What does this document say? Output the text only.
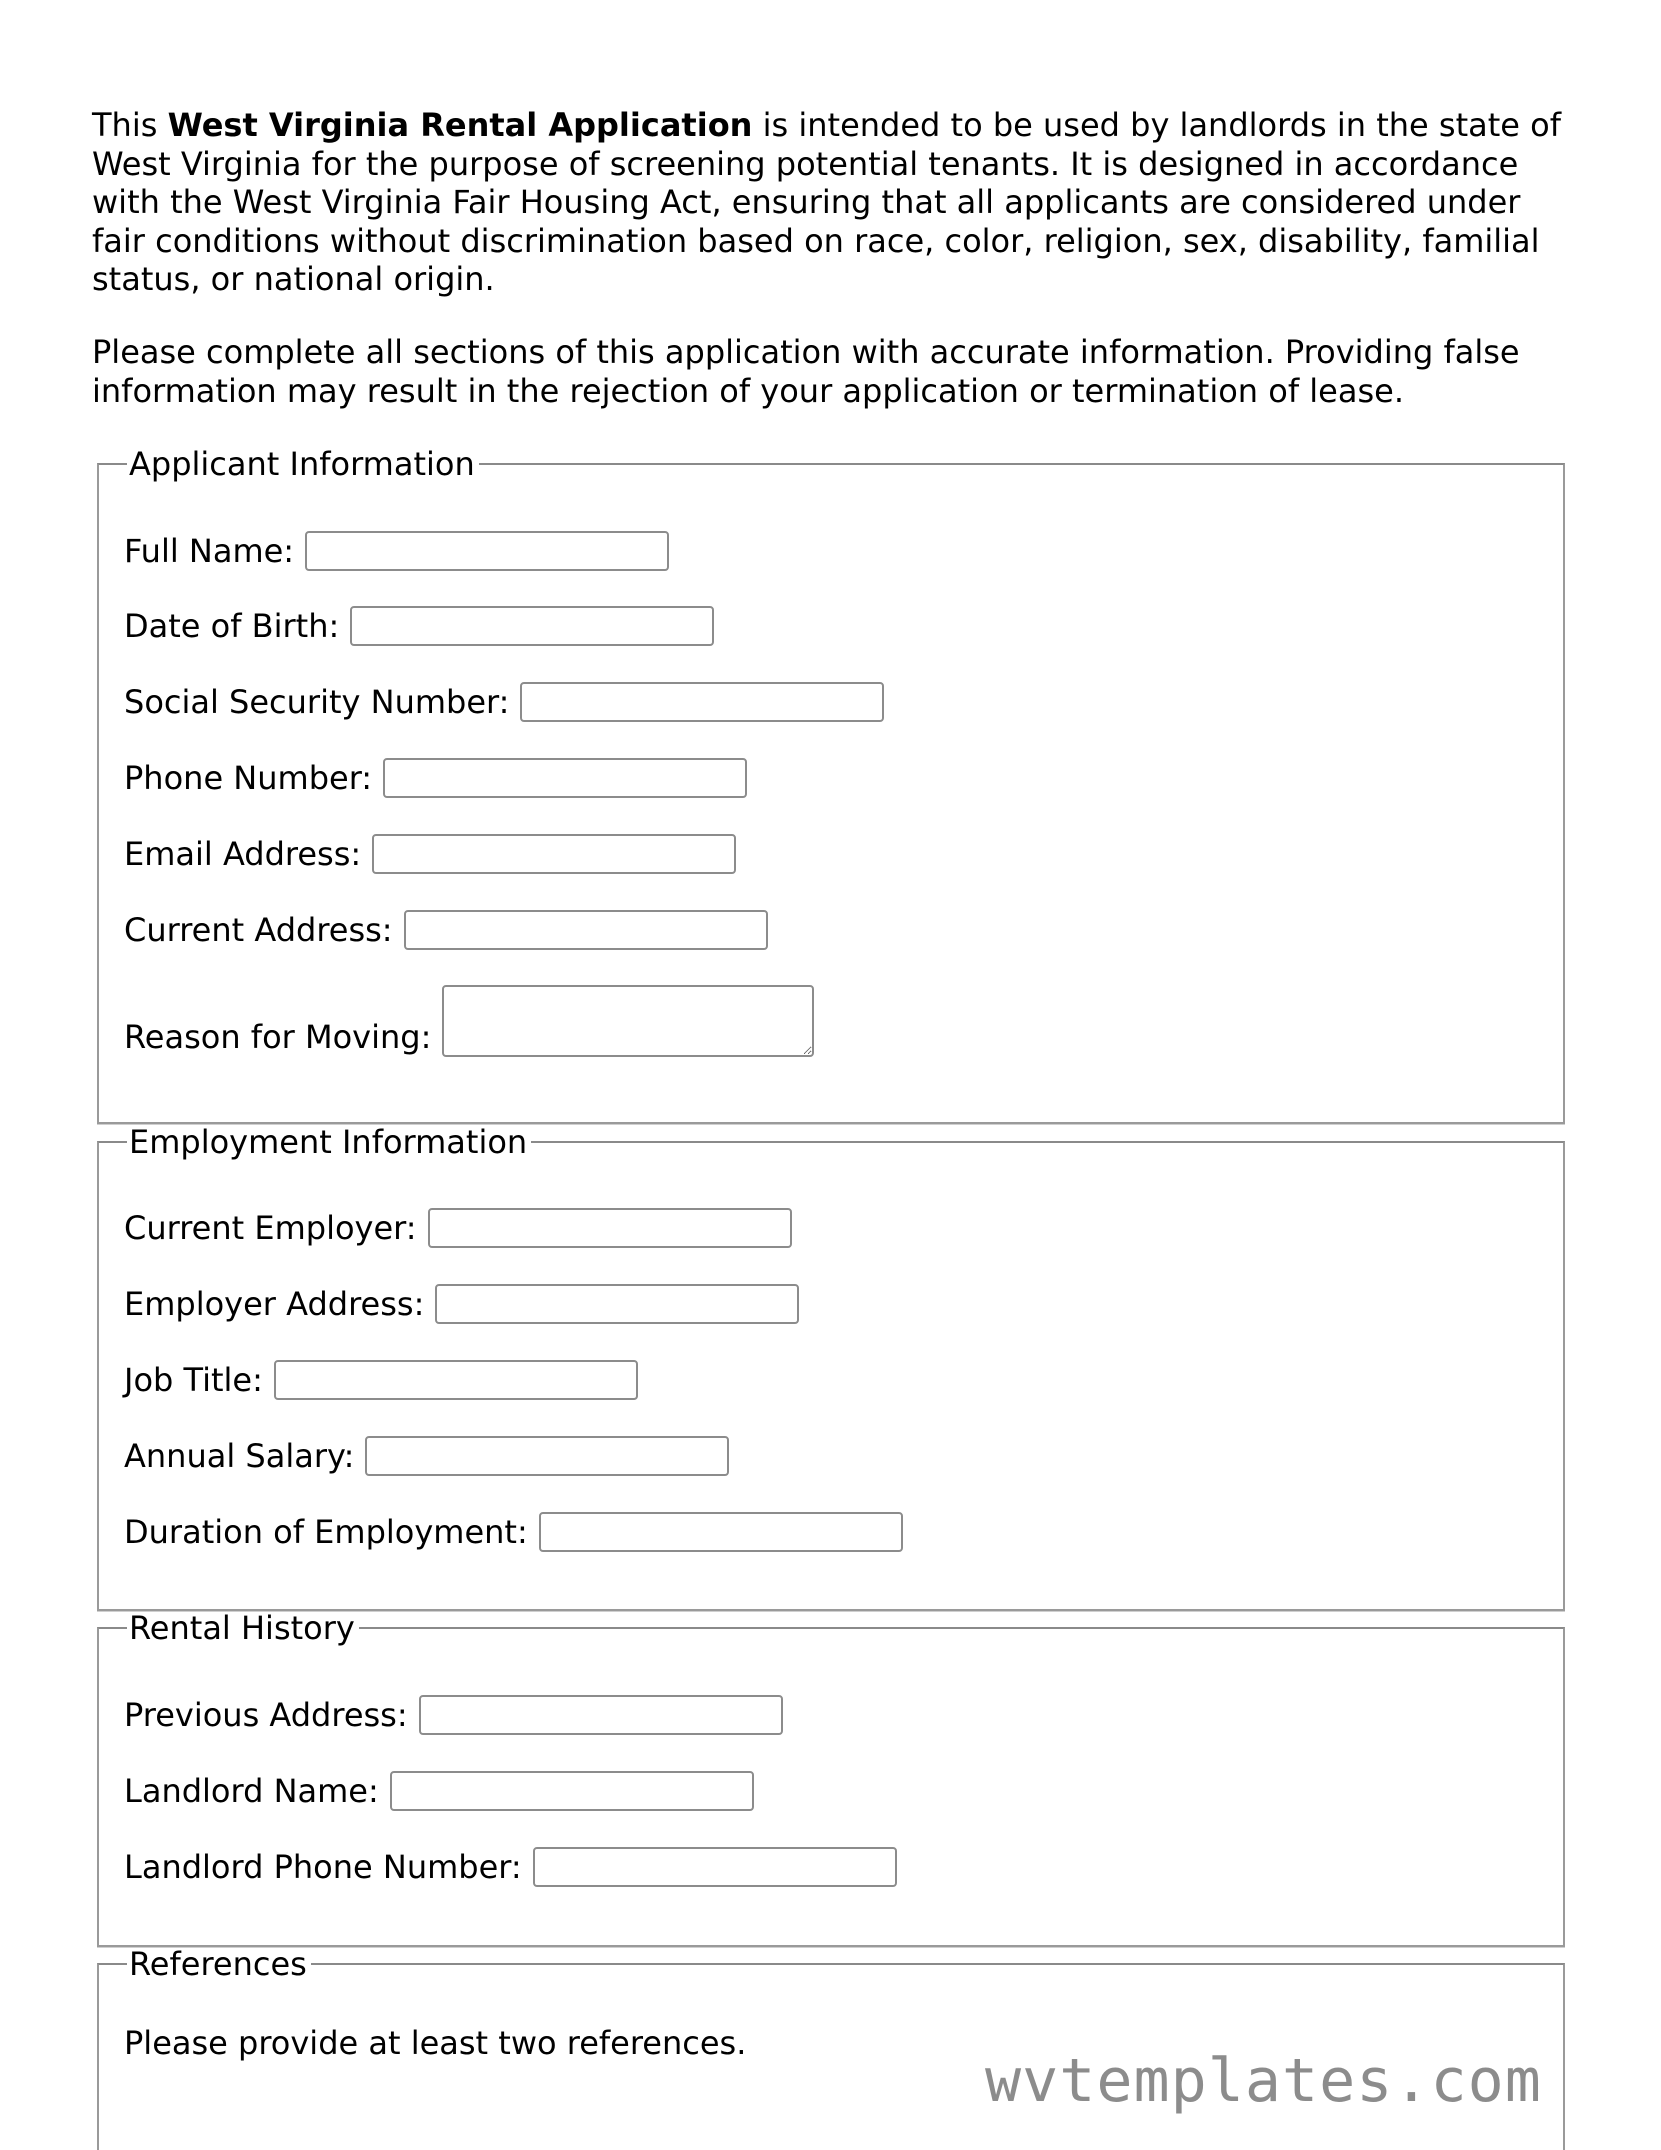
This West Virginia Rental Application is intended to be used by landlords in the state of West Virginia for the purpose of screening potential tenants. It is designed in accordance with the West Virginia Fair Housing Act, ensuring that all applicants are considered under fair conditions without discrimination based on race, color, religion, sex, disability, familial status, or national origin.

Please complete all sections of this application with accurate information. Providing false information may result in the rejection of your application or termination of lease.

Applicant Information
Full Name:
Date of Birth:
Social Security Number:
Phone Number:
Email Address:
Current Address:
Reason for Moving:
Employment Information
Current Employer:
Employer Address:
Job Title:
Annual Salary:
Duration of Employment:
Rental History
Previous Address:
Landlord Name:
Landlord Phone Number:
References

Please provide at least two references.

wvtemplates.com
